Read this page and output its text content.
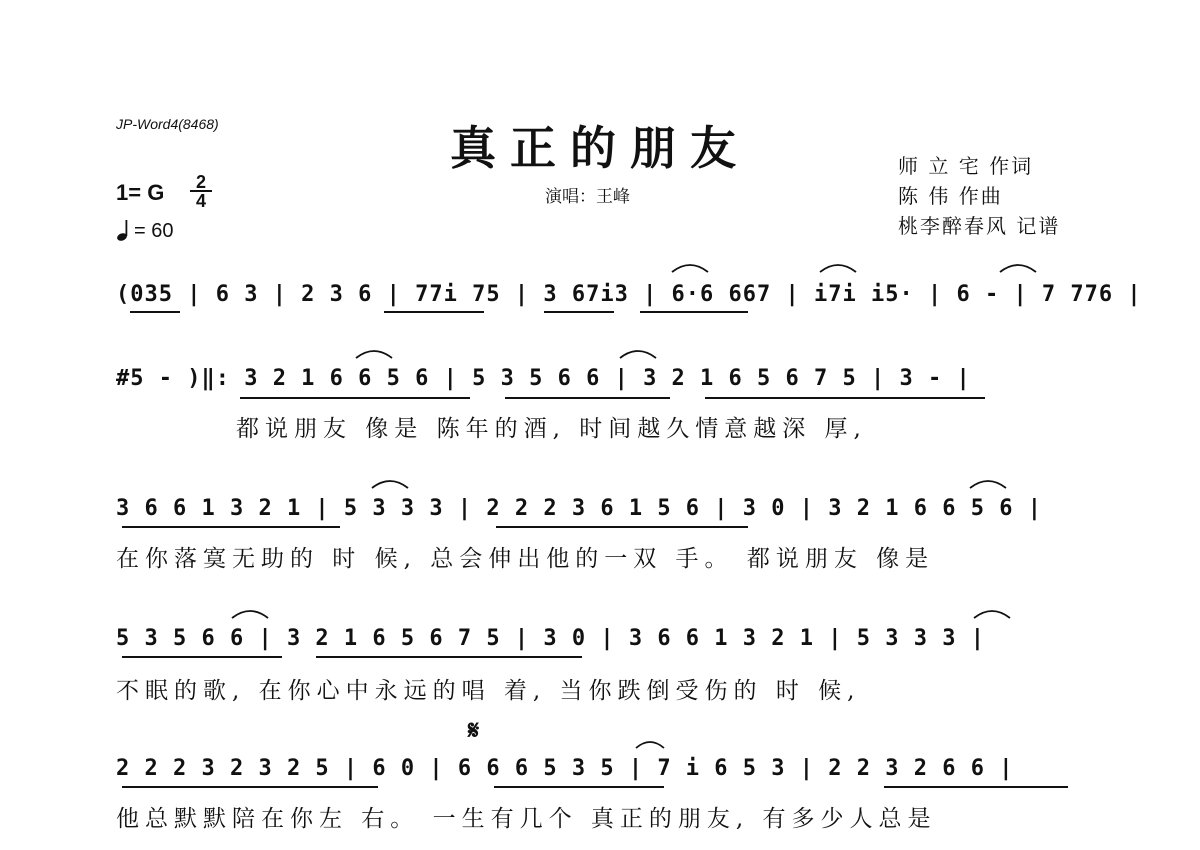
JP-Word4(8468)	真正的朋友
演唱：王峰
师 立 宅 作词
陈 伟 作曲
桃李醉春风 记谱
1= G $\frac{2}{4}$
= 60
(035 | 6 3 | 2 3 6 | 77i 75 | 3 67i3 | 6·6 667 | i7i i5· | 6 - | 7 776 |
#5 - )‖: 3 2 1 6 6 5 6 | 5 3 5 6 6 | 3 2 1 6 5 6 7 5 | 3 - |
都说朋友 像是 陈年的酒, 时间越久情意越深 厚,
3 6 6 1 3 2 1 | 5 3 3 3 | 2 2 2 3 6 1 5 6 | 3 0 | 3 2 1 6 6 5 6 |
在你落寞无助的 时 候, 总会伸出他的一双 手。 都说朋友 像是
5 3 5 6 6 | 3 2 1 6 5 6 7 5 | 3 0 | 3 6 6 1 3 2 1 | 5 3 3 3 |
不眠的歌, 在你心中永远的唱 着, 当你跌倒受伤的 时 候,
𝄋
2 2 2 3 2 3 2 5 | 6 0 | 6 6 6 5 3 5 | 7 i 6 5 3 | 2 2 3 2 6 6 |
他总默默陪在你左 右。 一生有几个 真正的朋友, 有多少人总是
